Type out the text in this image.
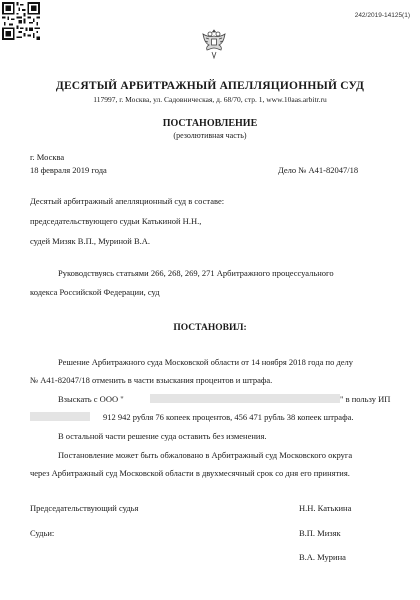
242/2019-14125(1)
ДЕСЯТЫЙ АРБИТРАЖНЫЙ АПЕЛЛЯЦИОННЫЙ СУД
117997, г. Москва, ул. Садовническая, д. 68/70, стр. 1, www.10aas.arbitr.ru
ПОСТАНОВЛЕНИЕ
(резолютивная часть)
г. Москва
18 февраля 2019 года	Дело № А41-82047/18
Десятый арбитражный апелляционный суд в составе:
председательствующего судьи Катькиной Н.Н.,
судей Мизяк В.П., Муриной В.А.
Руководствуясь статьями 266, 268, 269, 271 Арбитражного процессуального
кодекса Российской Федерации, суд
ПОСТАНОВИЛ:
Решение Арбитражного суда Московской области от 14 ноября 2018 года по делу
№ А41-82047/18 отменить в части взыскания процентов и штрафа.
Взыскать с ООО "	" в пользу ИП
912 942 рубля 76 копеек процентов, 456 471 рубль 38 копеек штрафа.
В остальной части решение суда оставить без изменения.
Постановление может быть обжаловано в Арбитражный суд Московского округа
через Арбитражный суд Московской области в двухмесячный срок со дня его принятия.
Председательствующий судья	Н.Н. Катькина
Судьи:	В.П. Мизяк
В.А. Мурина
